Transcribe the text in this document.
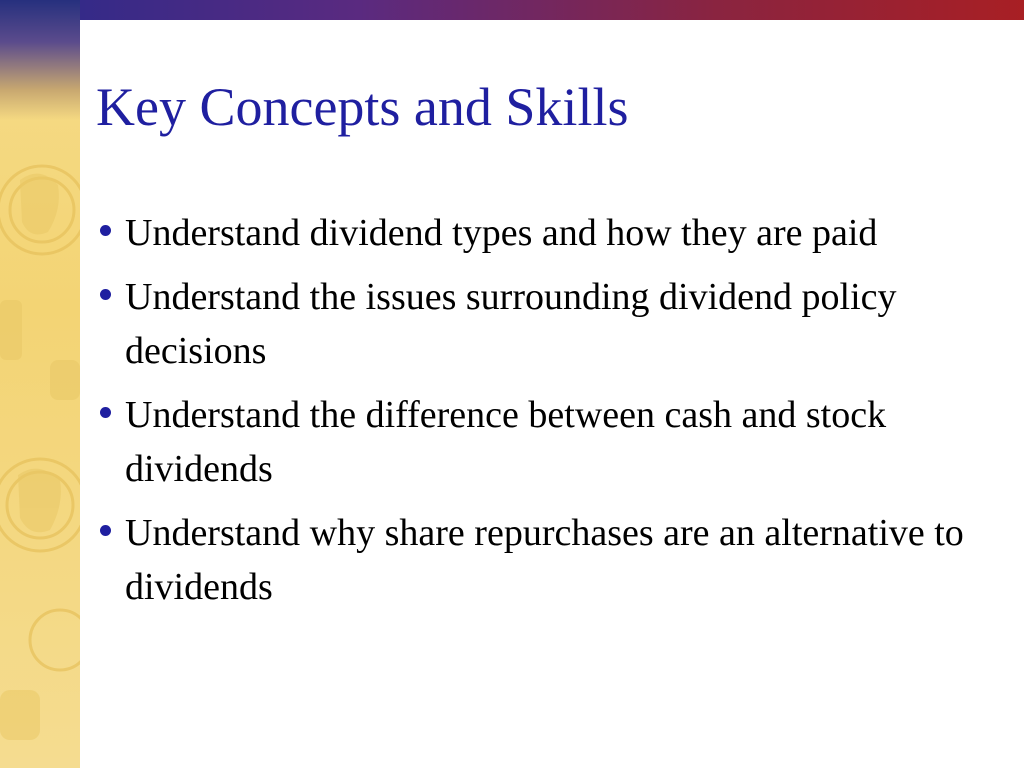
Key Concepts and Skills
Understand dividend types and how they are paid
Understand the issues surrounding dividend policy decisions
Understand the difference between cash and stock dividends
Understand why share repurchases are an alternative to dividends
